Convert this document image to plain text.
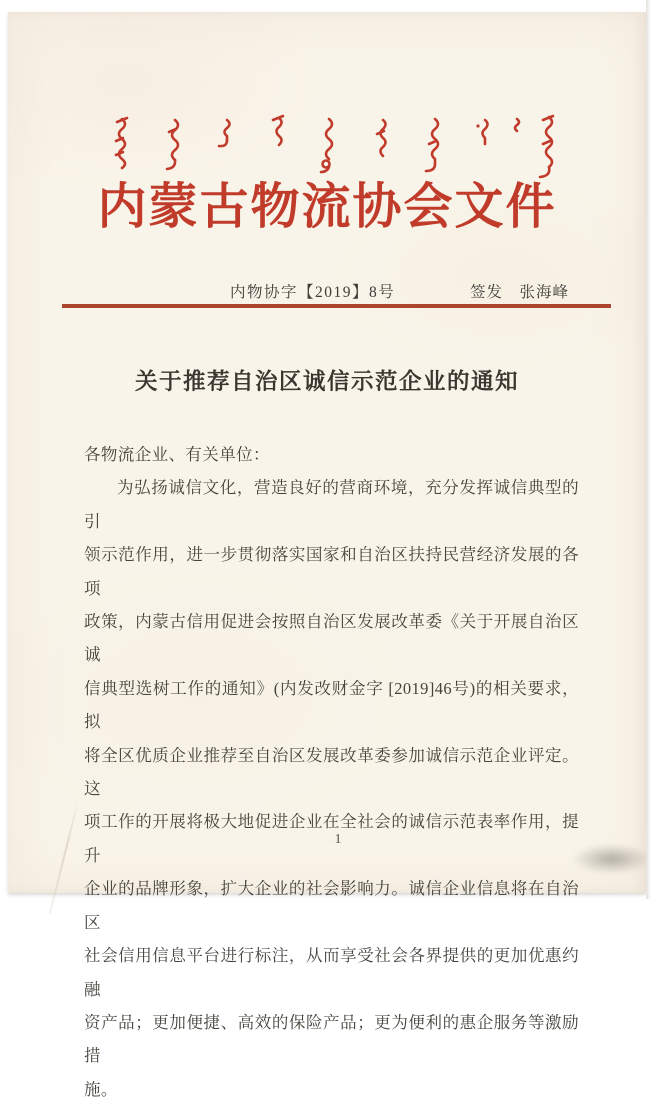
内蒙古物流协会文件
内物协字【2019】8号	签发　张海峰
关于推荐自治区诚信示范企业的通知
各物流企业、有关单位：
为弘扬诚信文化，营造良好的营商环境，充分发挥诚信典型的引
领示范作用，进一步贯彻落实国家和自治区扶持民营经济发展的各项
政策，内蒙古信用促进会按照自治区发展改革委《关于开展自治区诚
信典型选树工作的通知》(内发改财金字 [2019]46号)的相关要求，拟
将全区优质企业推荐至自治区发展改革委参加诚信示范企业评定。这
项工作的开展将极大地促进企业在全社会的诚信示范表率作用，提升
企业的品牌形象，扩大企业的社会影响力。诚信企业信息将在自治区
社会信用信息平台进行标注，从而享受社会各界提供的更加优惠约融
资产品；更加便捷、高效的保险产品；更为便利的惠企服务等激励措
施。
1
